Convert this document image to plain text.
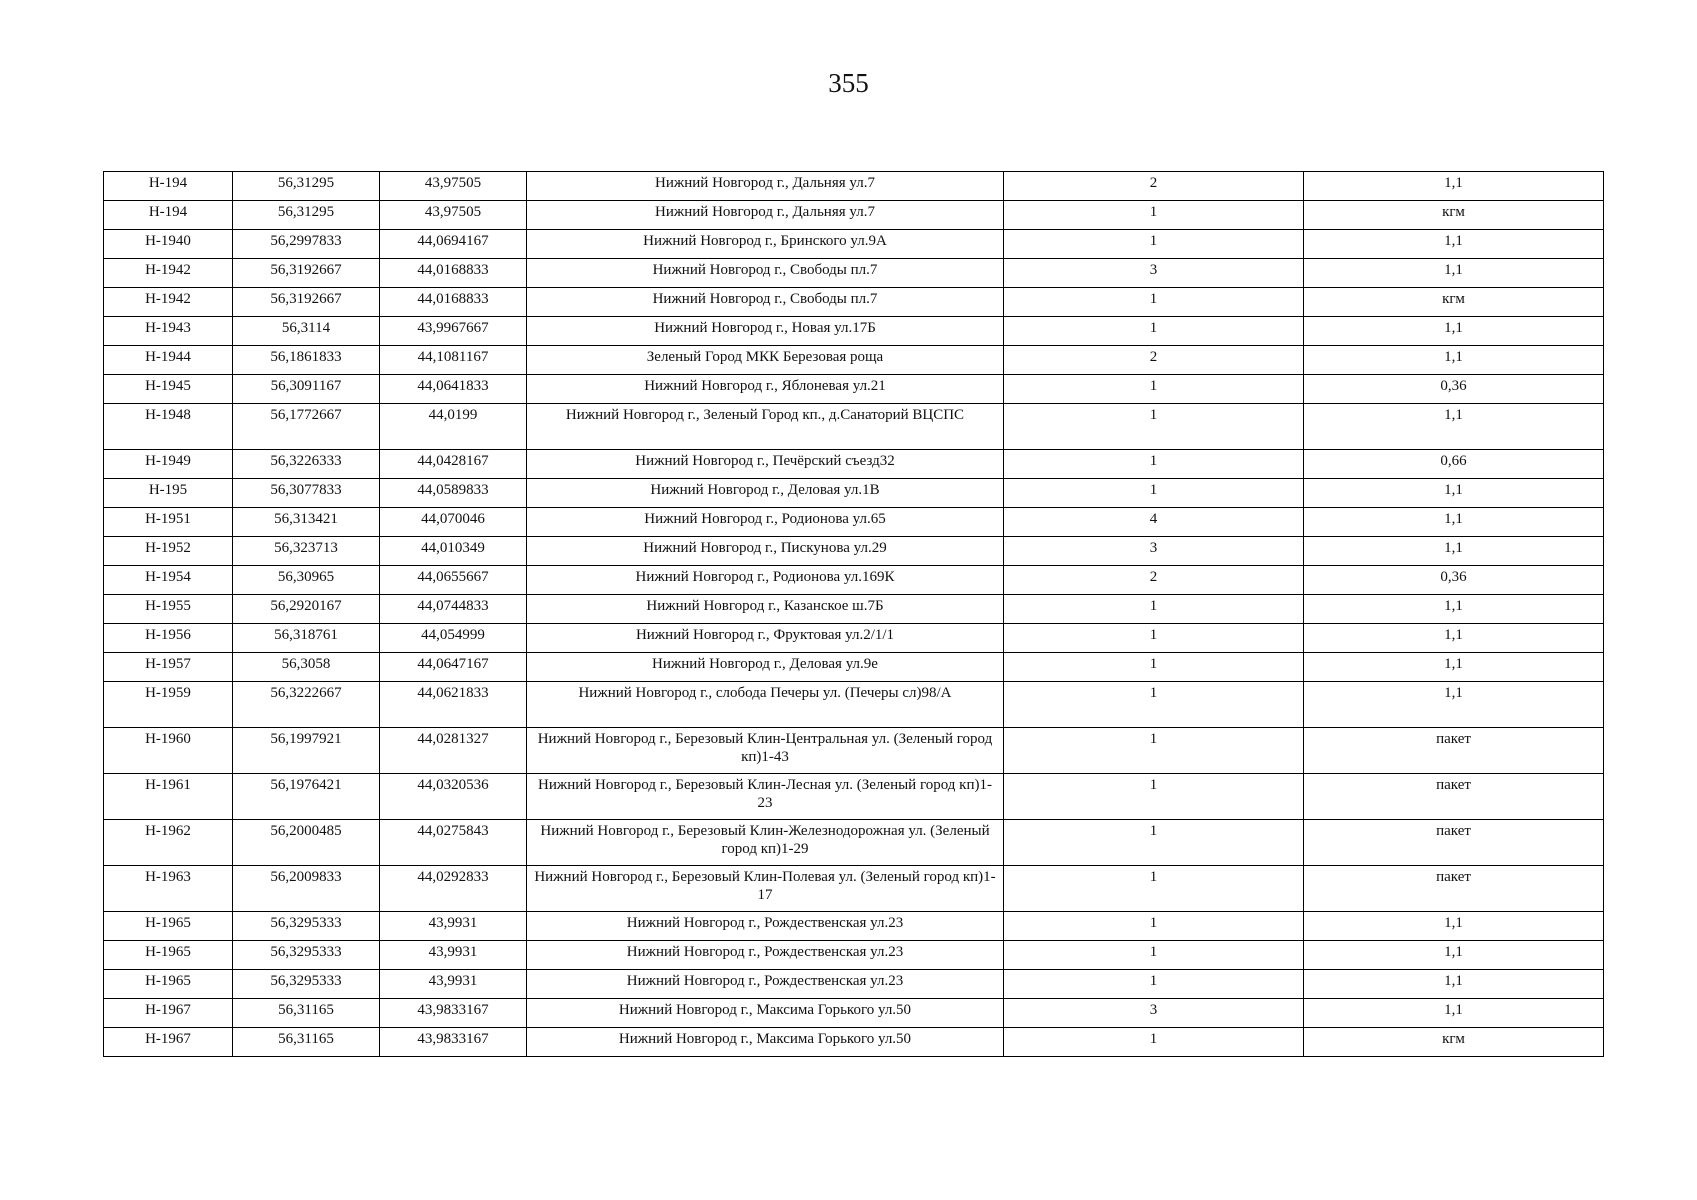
355
Н-194	56,31295	43,97505	Нижний Новгород г., Дальняя ул.7	2	1,1
Н-194	56,31295	43,97505	Нижний Новгород г., Дальняя ул.7	1	кгм
Н-1940	56,2997833	44,0694167	Нижний Новгород г., Бринского ул.9А	1	1,1
Н-1942	56,3192667	44,0168833	Нижний Новгород г., Свободы пл.7	3	1,1
Н-1942	56,3192667	44,0168833	Нижний Новгород г., Свободы пл.7	1	кгм
Н-1943	56,3114	43,9967667	Нижний Новгород г., Новая ул.17Б	1	1,1
Н-1944	56,1861833	44,1081167	Зеленый Город МКК Березовая роща	2	1,1
Н-1945	56,3091167	44,0641833	Нижний Новгород г., Яблоневая ул.21	1	0,36
Н-1948	56,1772667	44,0199	Нижний Новгород г., Зеленый Город кп., д.Санаторий ВЦСПС	1	1,1
Н-1949	56,3226333	44,0428167	Нижний Новгород г., Печёрский съезд32	1	0,66
Н-195	56,3077833	44,0589833	Нижний Новгород г., Деловая ул.1В	1	1,1
Н-1951	56,313421	44,070046	Нижний Новгород г., Родионова ул.65	4	1,1
Н-1952	56,323713	44,010349	Нижний Новгород г., Пискунова ул.29	3	1,1
Н-1954	56,30965	44,0655667	Нижний Новгород г., Родионова ул.169К	2	0,36
Н-1955	56,2920167	44,0744833	Нижний Новгород г., Казанское ш.7Б	1	1,1
Н-1956	56,318761	44,054999	Нижний Новгород г., Фруктовая ул.2/1/1	1	1,1
Н-1957	56,3058	44,0647167	Нижний Новгород г., Деловая ул.9е	1	1,1
Н-1959	56,3222667	44,0621833	Нижний Новгород г., слобода Печеры ул. (Печеры сл)98/А	1	1,1
Н-1960	56,1997921	44,0281327	Нижний Новгород г., Березовый Клин-Центральная ул. (Зеленый город кп)1-43	1	пакет
Н-1961	56,1976421	44,0320536	Нижний Новгород г., Березовый Клин-Лесная ул. (Зеленый город кп)1-23	1	пакет
Н-1962	56,2000485	44,0275843	Нижний Новгород г., Березовый Клин-Железнодорожная ул. (Зеленый город кп)1-29	1	пакет
Н-1963	56,2009833	44,0292833	Нижний Новгород г., Березовый Клин-Полевая ул. (Зеленый город кп)1-17	1	пакет
Н-1965	56,3295333	43,9931	Нижний Новгород г., Рождественская ул.23	1	1,1
Н-1965	56,3295333	43,9931	Нижний Новгород г., Рождественская ул.23	1	1,1
Н-1965	56,3295333	43,9931	Нижний Новгород г., Рождественская ул.23	1	1,1
Н-1967	56,31165	43,9833167	Нижний Новгород г., Максима Горького ул.50	3	1,1
Н-1967	56,31165	43,9833167	Нижний Новгород г., Максима Горького ул.50	1	кгм
